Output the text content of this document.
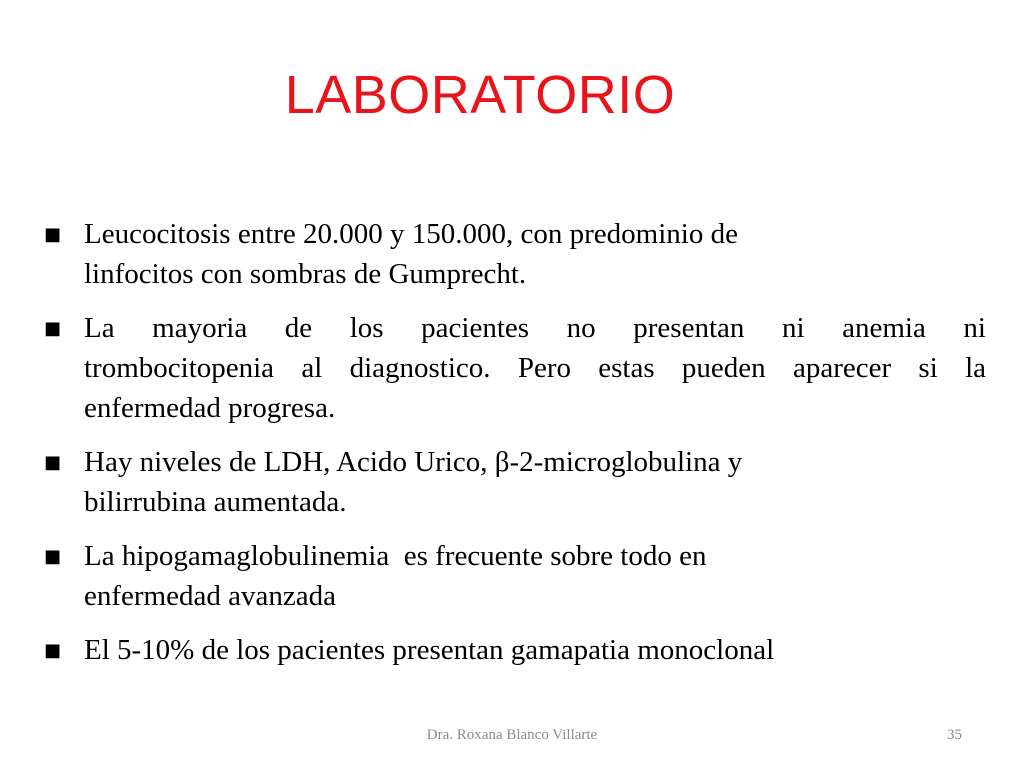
LABORATORIO
■ Leucocitosis entre 20.000 y 150.000, con predominio de
linfocitos con sombras de Gumprecht.
■ La mayoria de los pacientes no presentan ni anemia ni
trombocitopenia al diagnostico. Pero estas pueden aparecer si la
enfermedad progresa.
■ Hay niveles de LDH, Acido Urico, β-2-microglobulina y
bilirrubina aumentada.
■ La hipogamaglobulinemia  es frecuente sobre todo en
enfermedad avanzada
■ El 5-10% de los pacientes presentan gamapatia monoclonal
Dra. Roxana Blanco Villarte	35
